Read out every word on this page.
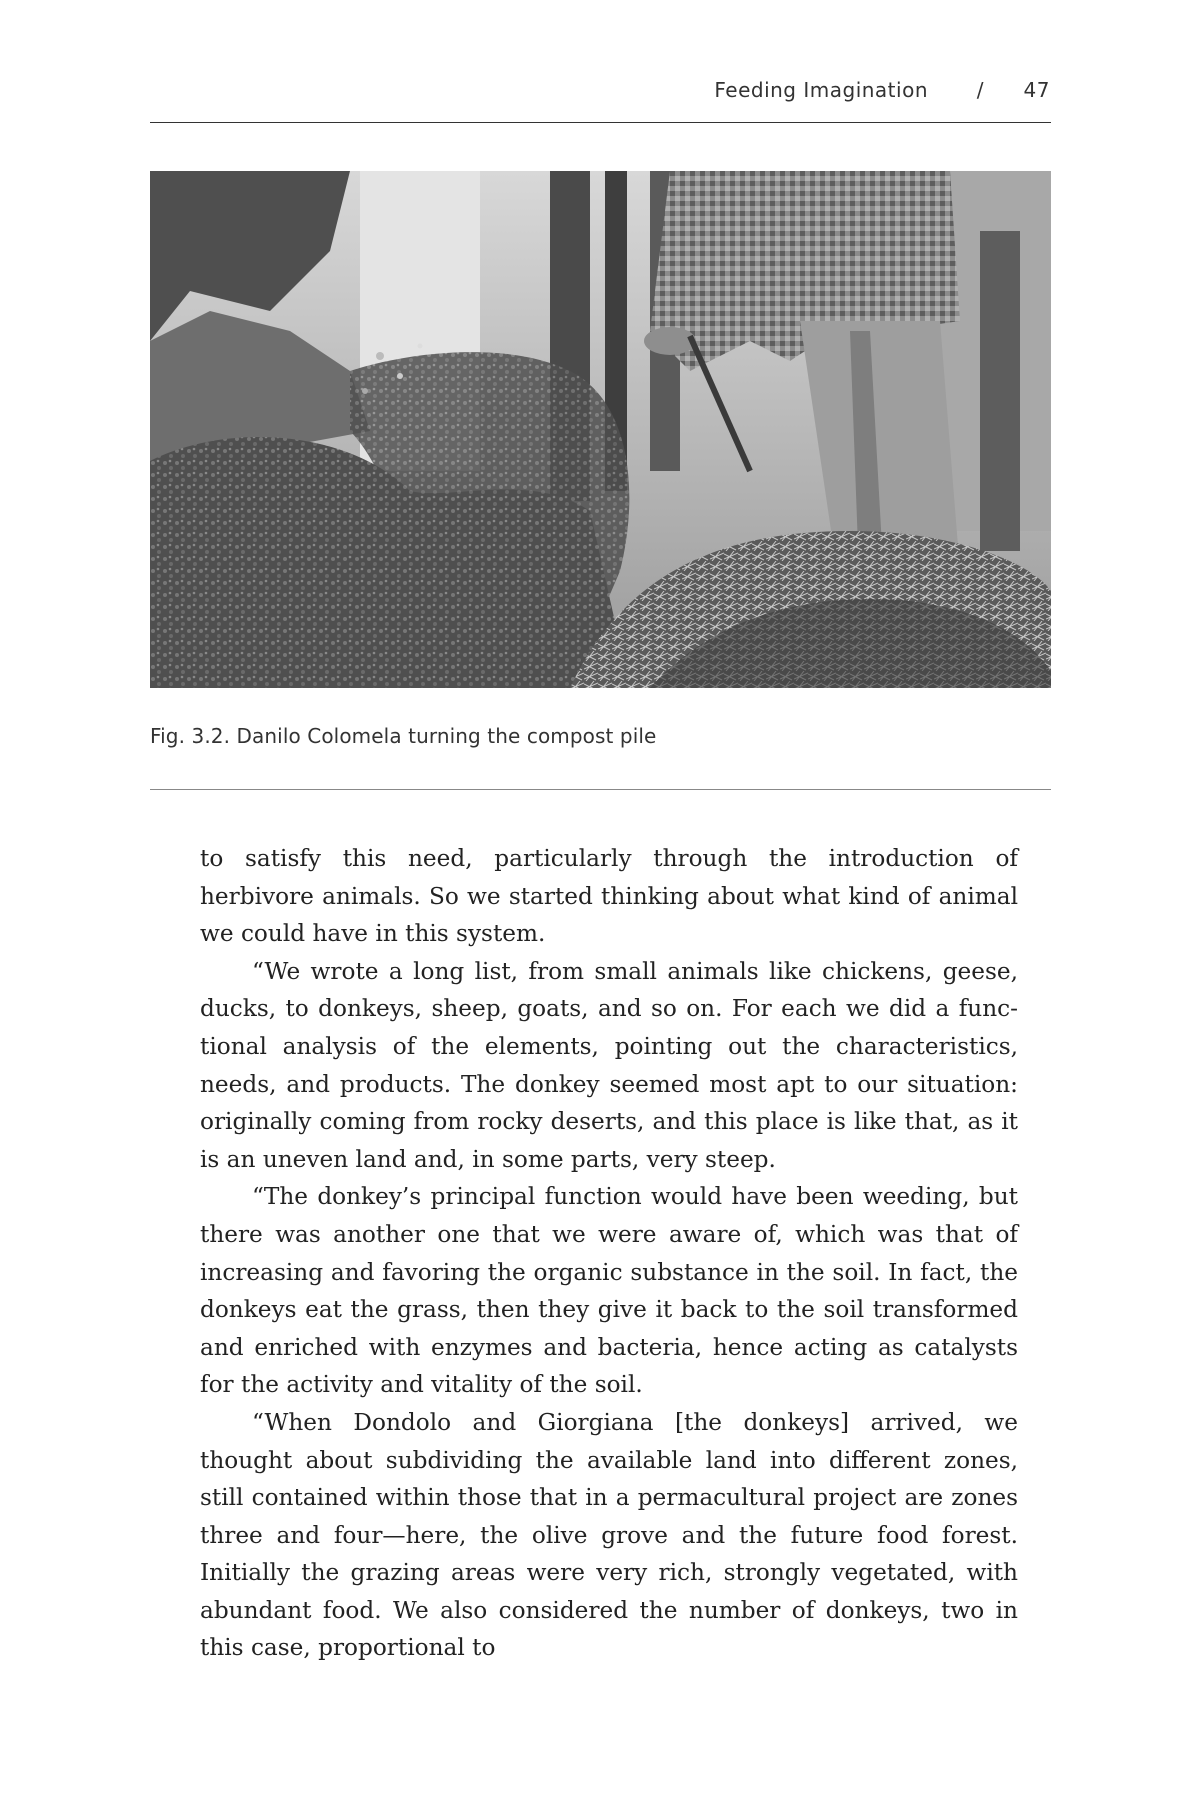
Feeding Imagination / 47
Fig. 3.2. Danilo Colomela turning the compost pile

to satisfy this need, particularly through the introduction of herbivore animals. So we started thinking about what kind of animal we could have in this system.

“We wrote a long list, from small animals like chickens, geese, ducks, to donkeys, sheep, goats, and so on. For each we did a functional analysis of the elements, pointing out the characteristics, needs, and products. The donkey seemed most apt to our situation: originally coming from rocky deserts, and this place is like that, as it is an uneven land and, in some parts, very steep.

“The donkey’s principal function would have been weeding, but there was another one that we were aware of, which was that of increasing and favoring the organic substance in the soil. In fact, the donkeys eat the grass, then they give it back to the soil transformed and enriched with enzymes and bacteria, hence acting as catalysts for the activity and vitality of the soil.

“When Dondolo and Giorgiana [the donkeys] arrived, we thought about subdividing the available land into different zones, still contained within those that in a permacultural project are zones three and four—here, the olive grove and the future food forest. Initially the grazing areas were very rich, strongly vegetated, with abundant food. We also considered the number of donkeys, two in this case, proportional to
